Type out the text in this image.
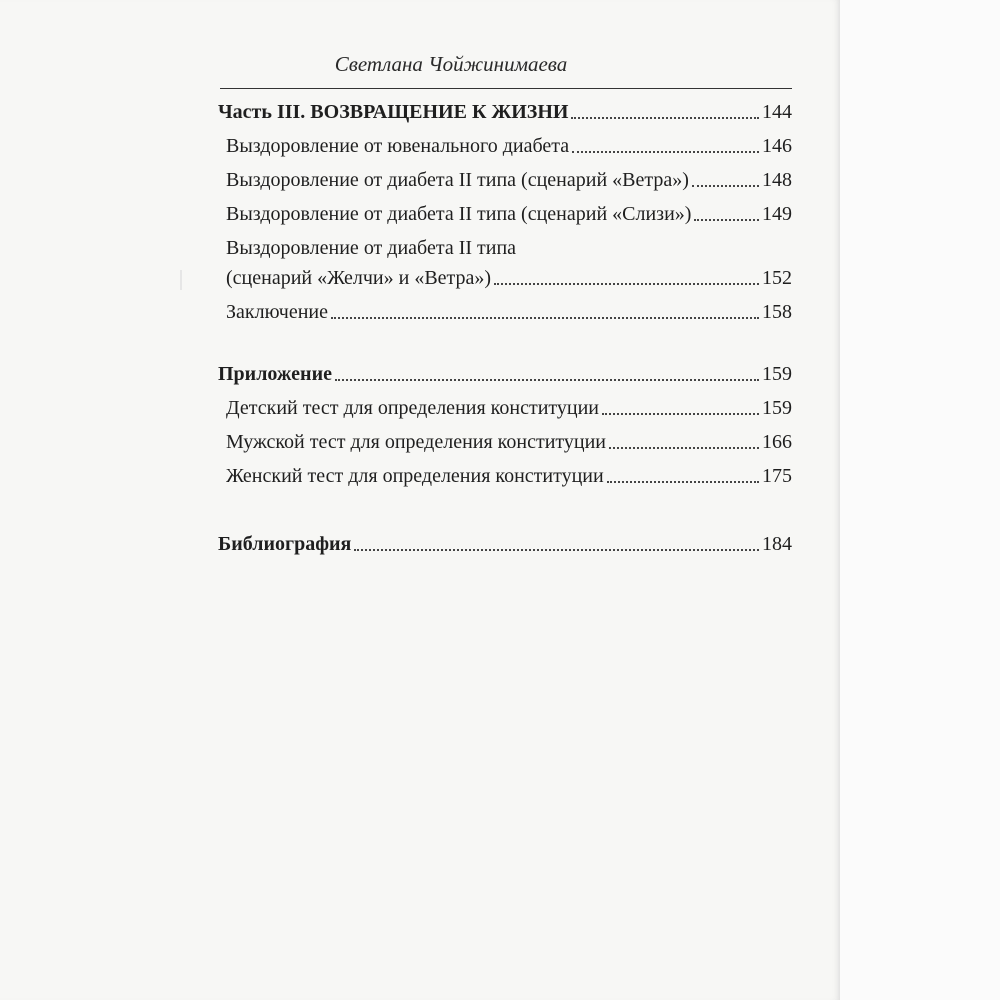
Светлана Чойжинимаева
Часть III. ВОЗВРАЩЕНИЕ К ЖИЗНИ	144
Выздоровление от ювенального диабета	146
Выздоровление от диабета II типа (сценарий «Ветра»)	148
Выздоровление от диабета II типа (сценарий «Слизи»)	149
Выздоровление от диабета II типа
(сценарий «Желчи» и «Ветра»)	152
Заключение	158
Приложение	159
Детский тест для определения конституции	159
Мужской тест для определения конституции	166
Женский тест для определения конституции	175
Библиография	184
